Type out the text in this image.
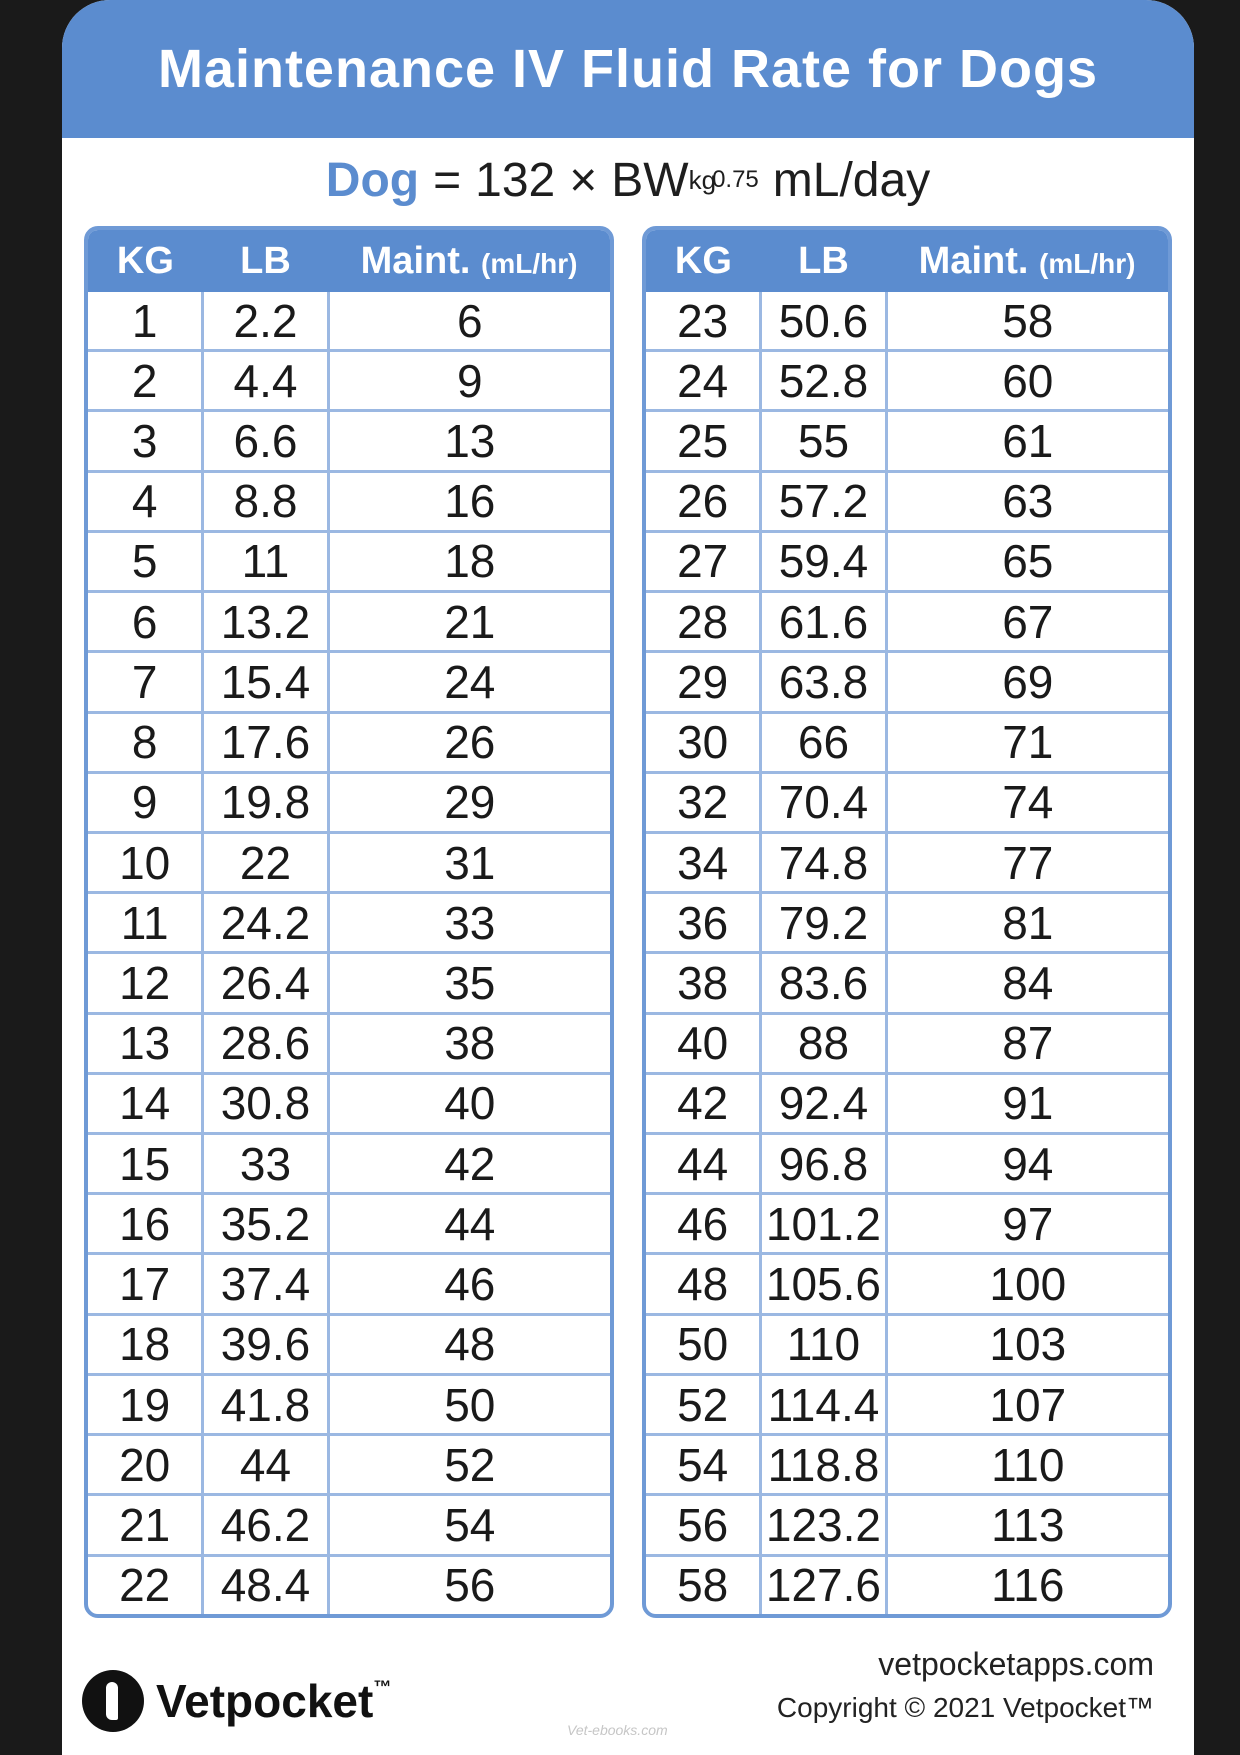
Maintenance IV Fluid Rate for Dogs
Dog = 132 × BW kg
0.75 mL/day
KG	LB	Maint. (mL/hr)
1	2.2	6
2	4.4	9
3	6.6	13
4	8.8	16
5	11	18
6	13.2	21
7	15.4	24
8	17.6	26
9	19.8	29
10	22	31
11	24.2	33
12	26.4	35
13	28.6	38
14	30.8	40
15	33	42
16	35.2	44
17	37.4	46
18	39.6	48
19	41.8	50
20	44	52
21	46.2	54
22	48.4	56
KG	LB	Maint. (mL/hr)
23	50.6	58
24	52.8	60
25	55	61
26	57.2	63
27	59.4	65
28	61.6	67
29	63.8	69
30	66	71
32	70.4	74
34	74.8	77
36	79.2	81
38	83.6	84
40	88	87
42	92.4	91
44	96.8	94
46	101.2	97
48	105.6	100
50	110	103
52	114.4	107
54	118.8	110
56	123.2	113
58	127.6	116
Vetpocket™
Vet-ebooks.com
vetpocketapps.com
Copyright © 2021 Vetpocket™
